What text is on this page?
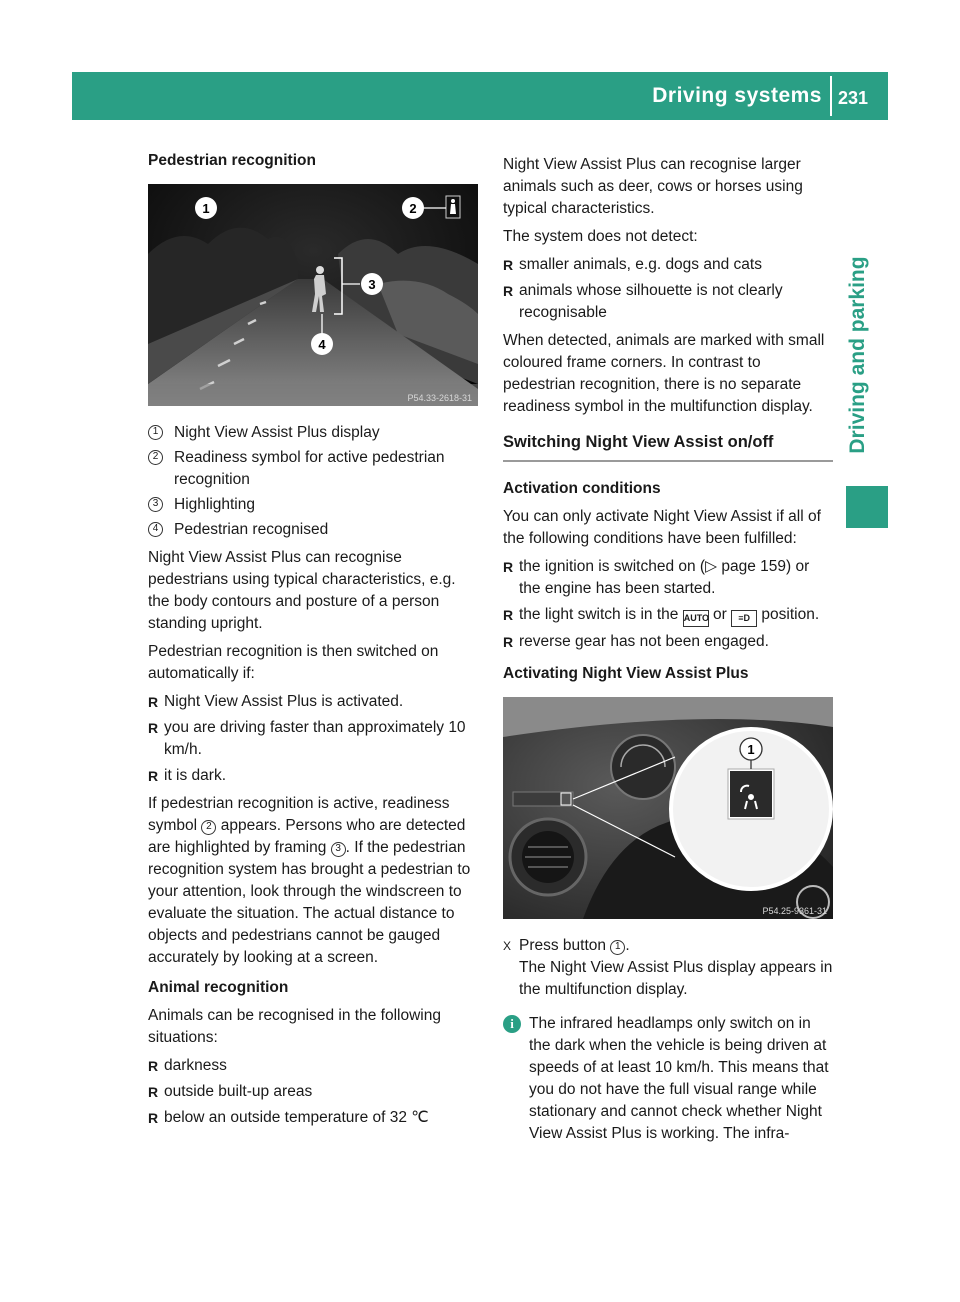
Driving systems 231
Driving and parking
Pedestrian recognition
1	2
3
4
P54.33-2618-31
1	Night View Assist Plus display
2	Readiness symbol for active pedestrian recognition
3	Highlighting
4	Pedestrian recognised

Night View Assist Plus can recognise pedestrians using typical characteristics, e.g. the body contours and posture of a person standing upright.

Pedestrian recognition is then switched on automatically if:

R Night View Assist Plus is activated.
R you are driving faster than approximately 10 km/h.
R it is dark.

If pedestrian recognition is active, readiness symbol 2 appears. Persons who are detected are highlighted by framing 3 . If the pedestrian recognition system has brought a pedestrian to your attention, look through the windscreen to evaluate the situation. The actual distance to objects and pedestrians cannot be gauged accurately by looking at a screen.

Animal recognition

Animals can be recognised in the following situations:

R darkness
R outside built-up areas
R below an outside temperature of 32 ℃

Night View Assist Plus can recognise larger animals such as deer, cows or horses using typical characteristics.

The system does not detect:

R smaller animals, e.g. dogs and cats
R animals whose silhouette is not clearly recognisable

When detected, animals are marked with small coloured frame corners. In contrast to pedestrian recognition, there is no separate readiness symbol in the multifunction display.

Switching Night View Assist on/off
Activation conditions

You can only activate Night View Assist if all of the following conditions have been fulfilled:

R the ignition is switched on (▷ page 159) or the engine has been started.
R the light switch is in the AUTO or ≡D position.
R reverse gear has not been engaged.
Activating Night View Assist Plus
1
P54.25-9361-31
X Press button 1 .
The Night View Assist Plus display appears in the multifunction display.
i The infrared headlamps only switch on in the dark when the vehicle is being driven at speeds of at least 10 km/h. This means that you do not have the full visual range while stationary and cannot check whether Night View Assist Plus is working. The infra-
